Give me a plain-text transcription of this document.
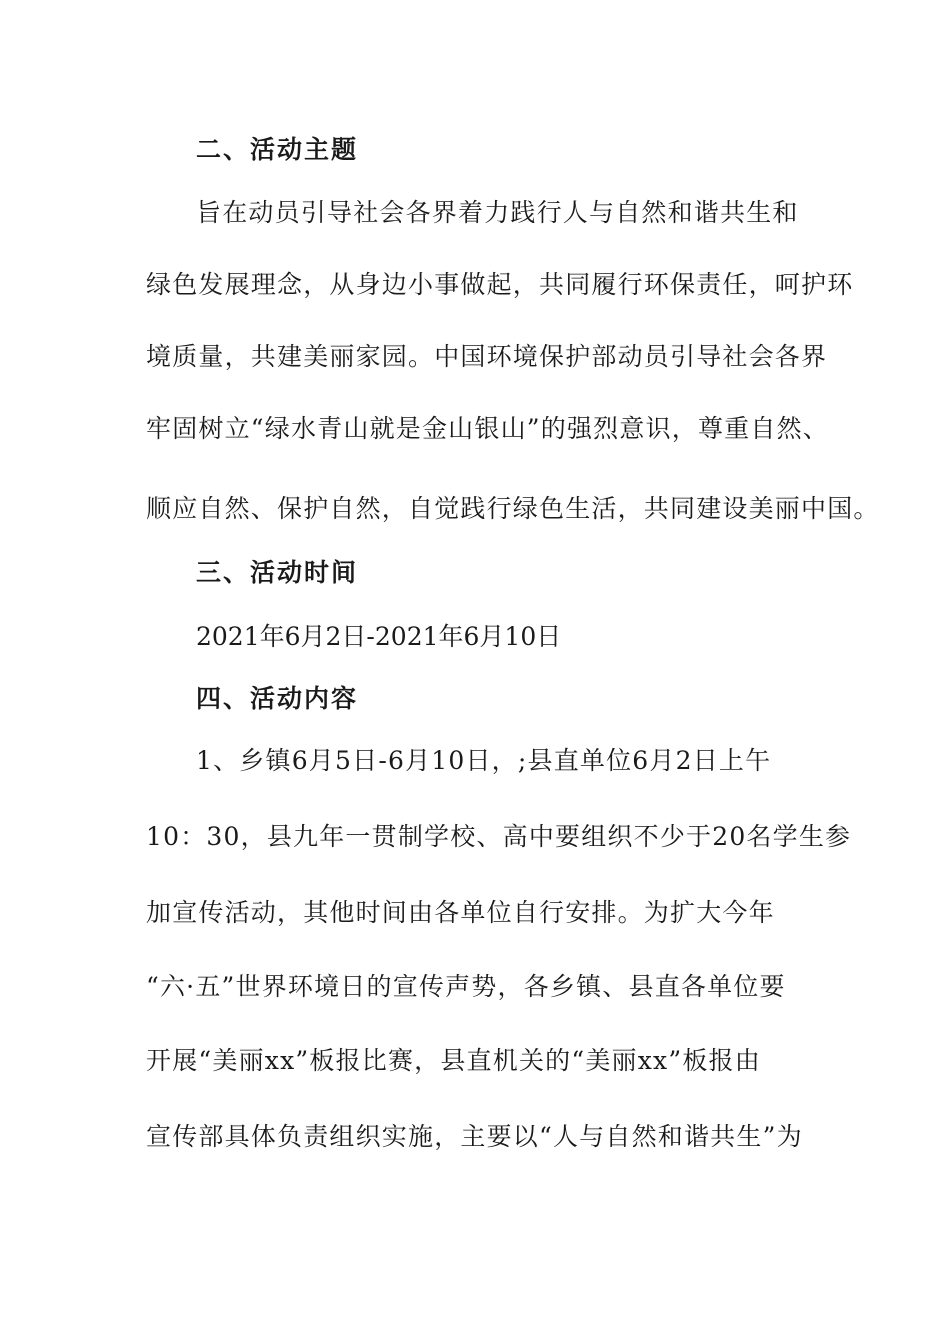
二、活动主题
旨在动员引导社会各界着力践行人与自然和谐共生和
绿色发展理念，从身边小事做起，共同履行环保责任，呵护环
境质量，共建美丽家园。中国环境保护部动员引导社会各界
牢固树立“绿水青山就是金山银山”的强烈意识，尊重自然、
顺应自然、保护自然，自觉践行绿色生活，共同建设美丽中国。
三、活动时间
2021年6月2日-2021年6月10日
四、活动内容
1、乡镇6月5日-6月10日，;县直单位6月2日上午
10：30，县九年一贯制学校、高中要组织不少于20名学生参
加宣传活动，其他时间由各单位自行安排。为扩大今年
“六·五”世界环境日的宣传声势，各乡镇、县直各单位要
开展“美丽xx”板报比赛，县直机关的“美丽xx”板报由
宣传部具体负责组织实施，主要以“人与自然和谐共生”为
